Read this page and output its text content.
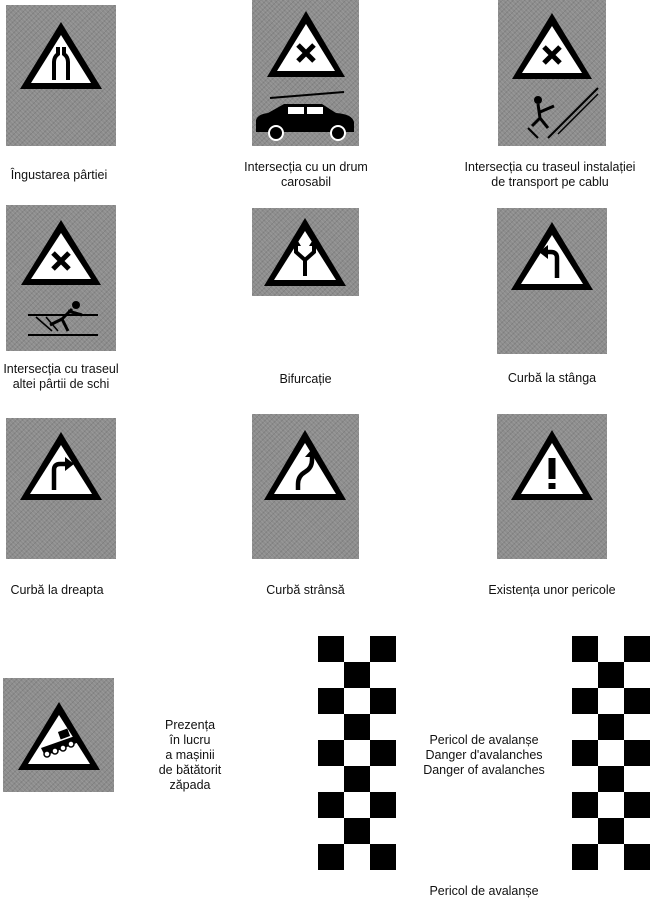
Îngustarea pârtiei
Intersecția cu un drum
carosabil
Intersecția cu traseul instalației
de transport pe cablu
Intersecția cu traseul
altei pârtii de schi	Bifurcație	Curbă la stânga
Curbă la dreapta	Curbă strânsă	Existența unor pericole
Prezența
în lucru
a mașinii
de bătătorit
zăpada
Pericol de avalanșe
Danger d'avalanches
Danger of avalanches
Pericol de avalanșe
